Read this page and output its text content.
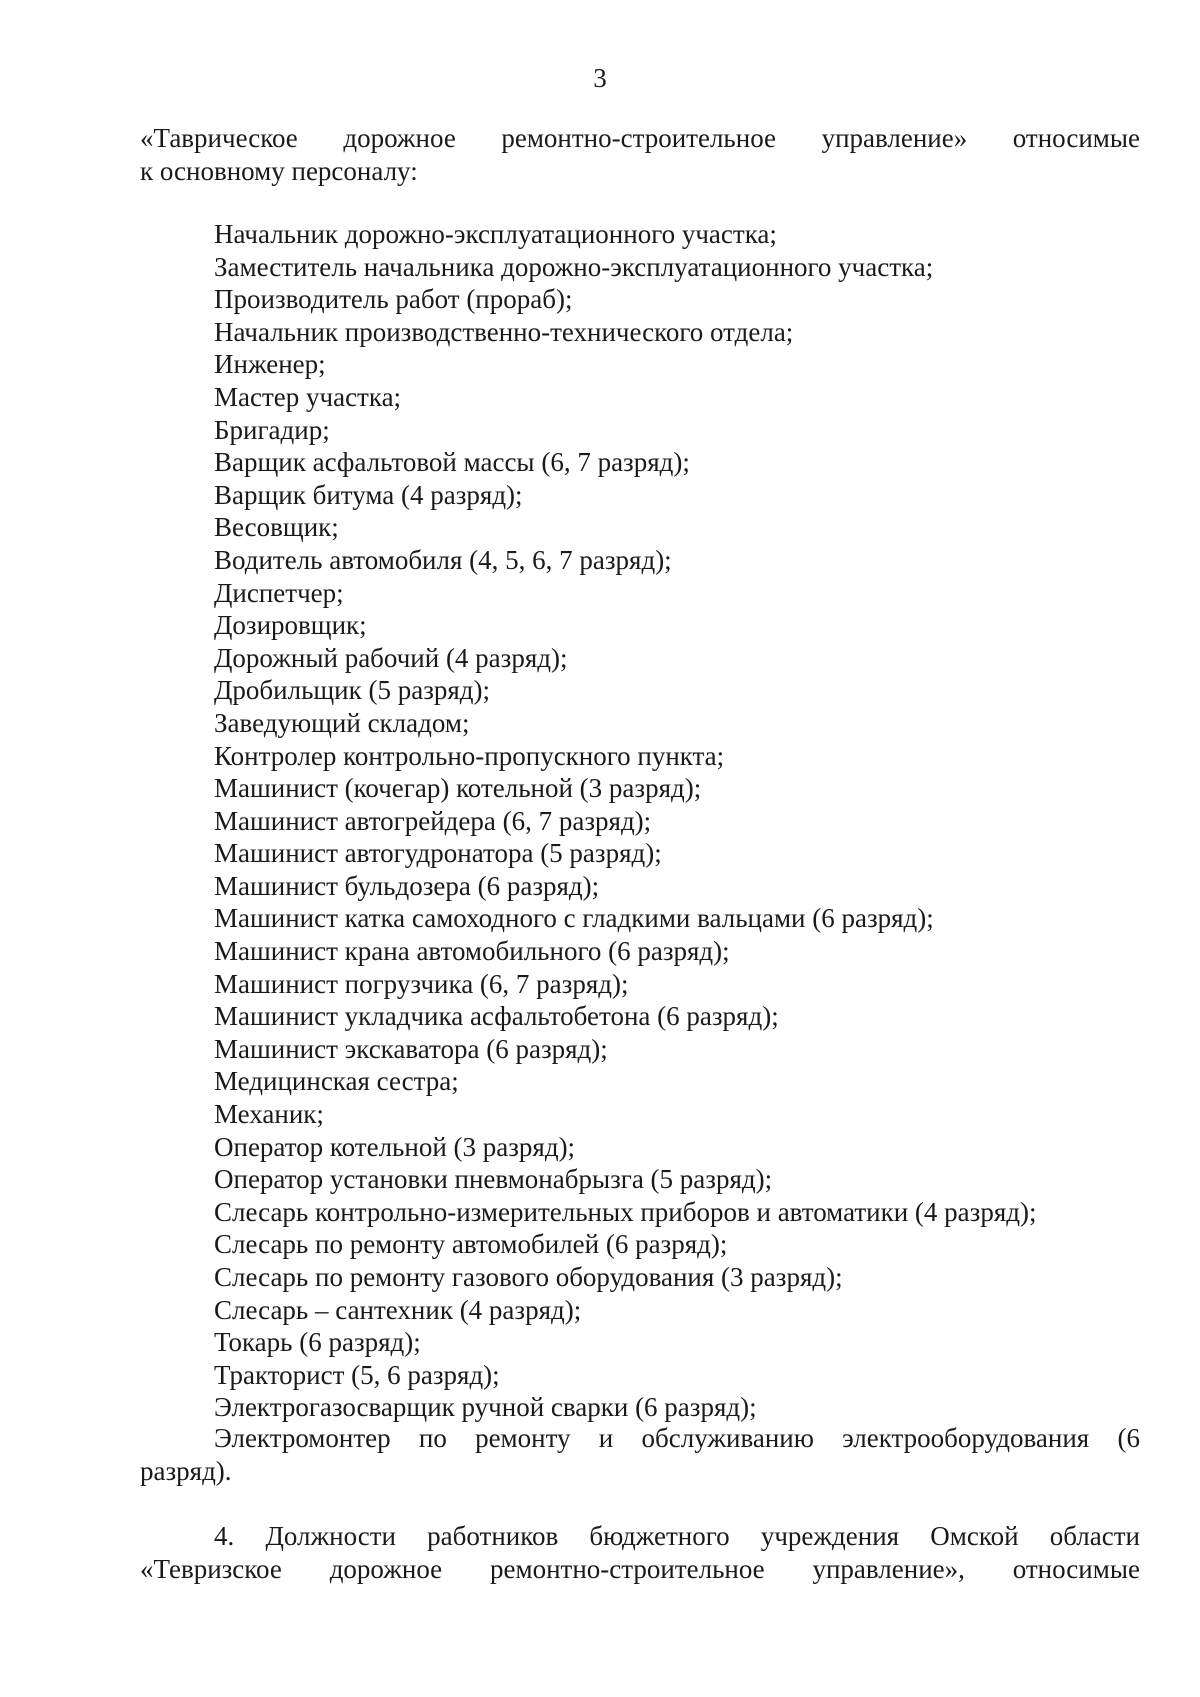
3
«Таврическое дорожное ремонтно-строительное управление» относимые
к основному персоналу:
Начальник дорожно-эксплуатационного участка;
Заместитель начальника дорожно-эксплуатационного участка;
Производитель работ (прораб);
Начальник производственно-технического отдела;
Инженер;
Мастер участка;
Бригадир;
Варщик асфальтовой массы (6, 7 разряд);
Варщик битума (4 разряд);
Весовщик;
Водитель автомобиля (4, 5, 6, 7 разряд);
Диспетчер;
Дозировщик;
Дорожный рабочий (4 разряд);
Дробильщик (5 разряд);
Заведующий складом;
Контролер контрольно-пропускного пункта;
Машинист (кочегар) котельной (3 разряд);
Машинист автогрейдера (6, 7 разряд);
Машинист автогудронатора (5 разряд);
Машинист бульдозера (6 разряд);
Машинист катка самоходного с гладкими вальцами (6 разряд);
Машинист крана автомобильного (6 разряд);
Машинист погрузчика (6, 7 разряд);
Машинист укладчика асфальтобетона (6 разряд);
Машинист экскаватора (6 разряд);
Медицинская сестра;
Механик;
Оператор котельной (3 разряд);
Оператор установки пневмонабрызга (5 разряд);
Слесарь контрольно-измерительных приборов и автоматики (4 разряд);
Слесарь по ремонту автомобилей (6 разряд);
Слесарь по ремонту газового оборудования (3 разряд);
Слесарь – сантехник (4 разряд);
Токарь (6 разряд);
Тракторист (5, 6 разряд);
Электрогазосварщик ручной сварки (6 разряд);
Электромонтер по ремонту и обслуживанию электрооборудования (6
разряд).
4. Должности работников бюджетного учреждения Омской области
«Тевризское дорожное ремонтно-строительное управление», относимые
